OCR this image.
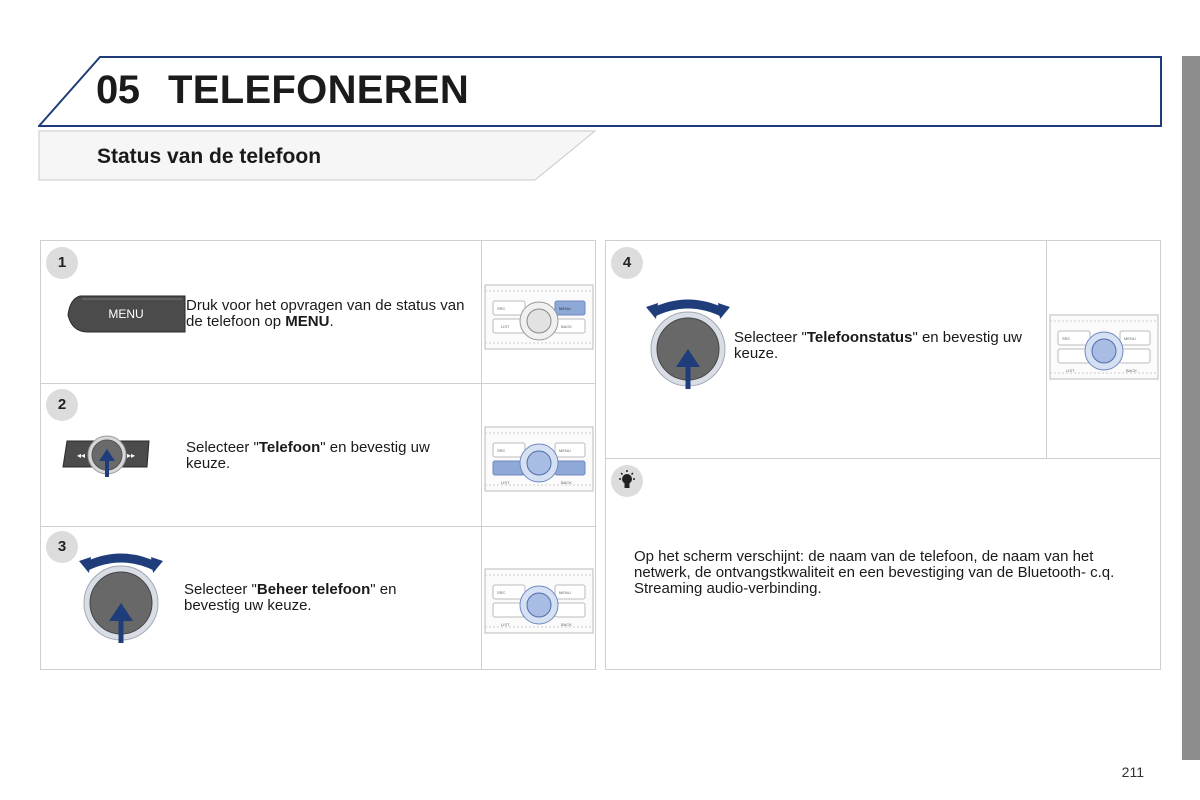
05 TELEFONEREN
Status van de telefoon
1
MENU	Druk voor het opvragen van de status van de telefoon op MENU.
SRC	MENU
LIST	BACK
2
◂◂	▸▸	Selecteer "Telefoon" en bevestig uw keuze.
SRC	MENU
LIST	BACK
3
Selecteer "Beheer telefoon" en bevestig uw keuze.
SRC	MENU
LIST	BACK
4
Selecteer "Telefoonstatus" en bevestig uw keuze.
SRC	MENU
LIST	BACK
Op het scherm verschijnt: de naam van de telefoon, de naam van het netwerk, de ontvangstkwaliteit en een bevestiging van de Bluetooth- c.q. Streaming audio-verbinding.
211
